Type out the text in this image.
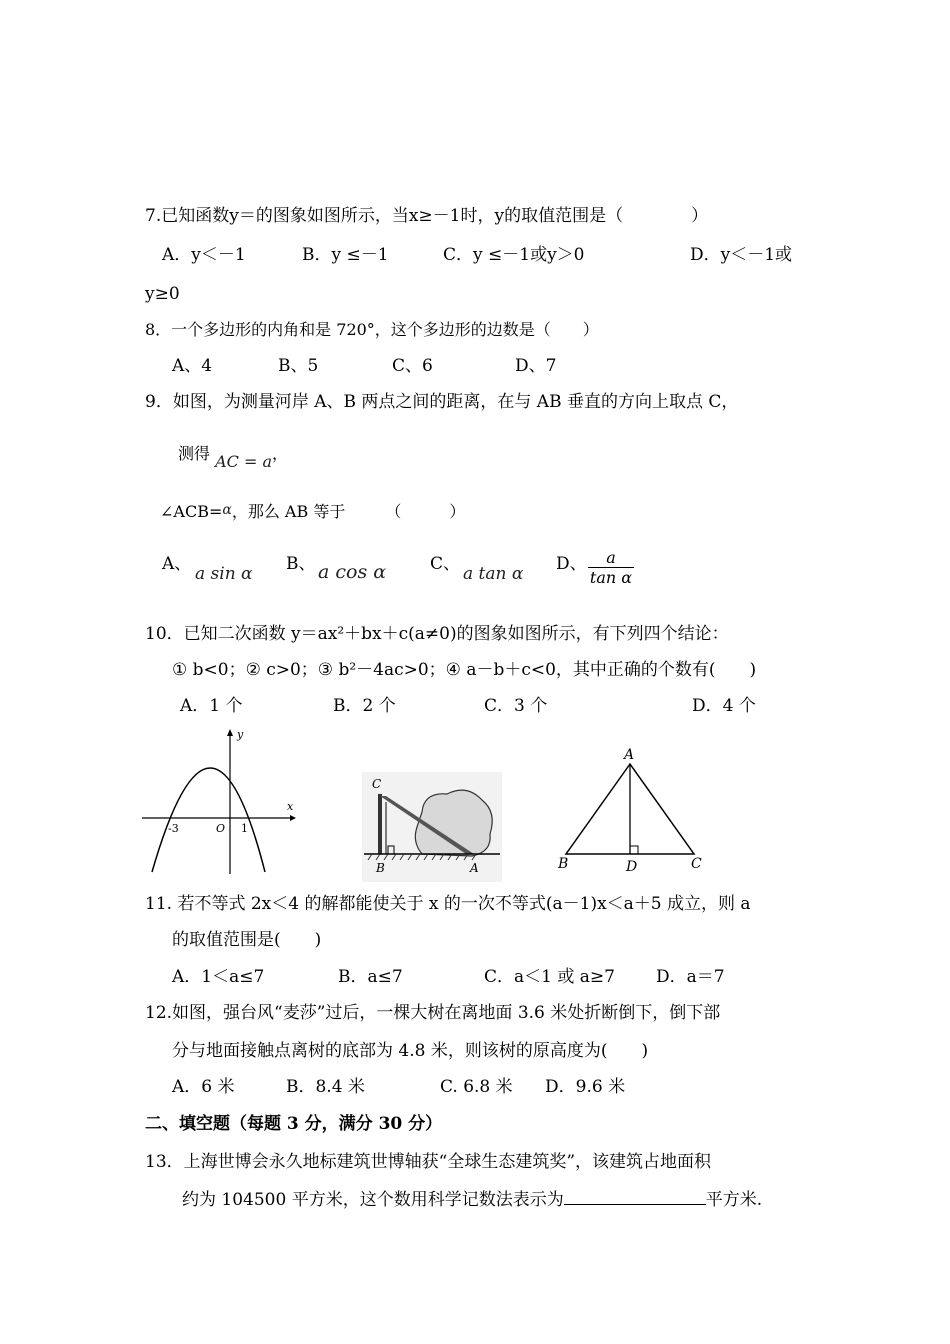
7.已知函数y＝的图象如图所示，当x≥－1时，y的取值范围是（　　　　）
A．y＜－1	B．y ≤－1	C．y ≤－1或y＞0	D．y＜－1或
y≥0
8．一个多边形的内角和是 720°，这个多边形的边数是（　　）
A、4	B、5	C、6	D、7
9．如图，为测量河岸 A、B 两点之间的距离，在与 AB 垂直的方向上取点 C，
测得 AC = a，
∠ACB=α，那么 AB 等于　　　（　　　）
A、 a sin α B、 a cos α	C、 a tan α D、 $\frac{a}{\text{tan α}}$
10．已知二次函数 y＝ax²＋bx＋c(a≠0)的图象如图所示，有下列四个结论：
① b<0；② c>0；③ b²－4ac>0；④ a－b＋c<0，其中正确的个数有(　　)
A．1 个	B．2 个	C．3 个	D．4 个
y
x
-3	O 1
C
B	A
A
B	D	C
11. 若不等式 2x＜4 的解都能使关于 x 的一次不等式(a－1)x＜a＋5 成立，则 a
的取值范围是(　　)
A．1＜a≤7	B．a≤7	C．a＜1 或 a≥7 D．a＝7
12.如图，强台风“麦莎”过后，一棵大树在离地面 3.6 米处折断倒下，倒下部
分与地面接触点离树的底部为 4.8 米，则该树的原高度为(　　)
A．6 米	B．8.4 米	C. 6.8 米 D．9.6 米
二、填空题（每题 3 分，满分 30 分）
13．上海世博会永久地标建筑世博轴获“全球生态建筑奖”，该建筑占地面积
约为 104500 平方米，这个数用科学记数法表示为	平方米.
